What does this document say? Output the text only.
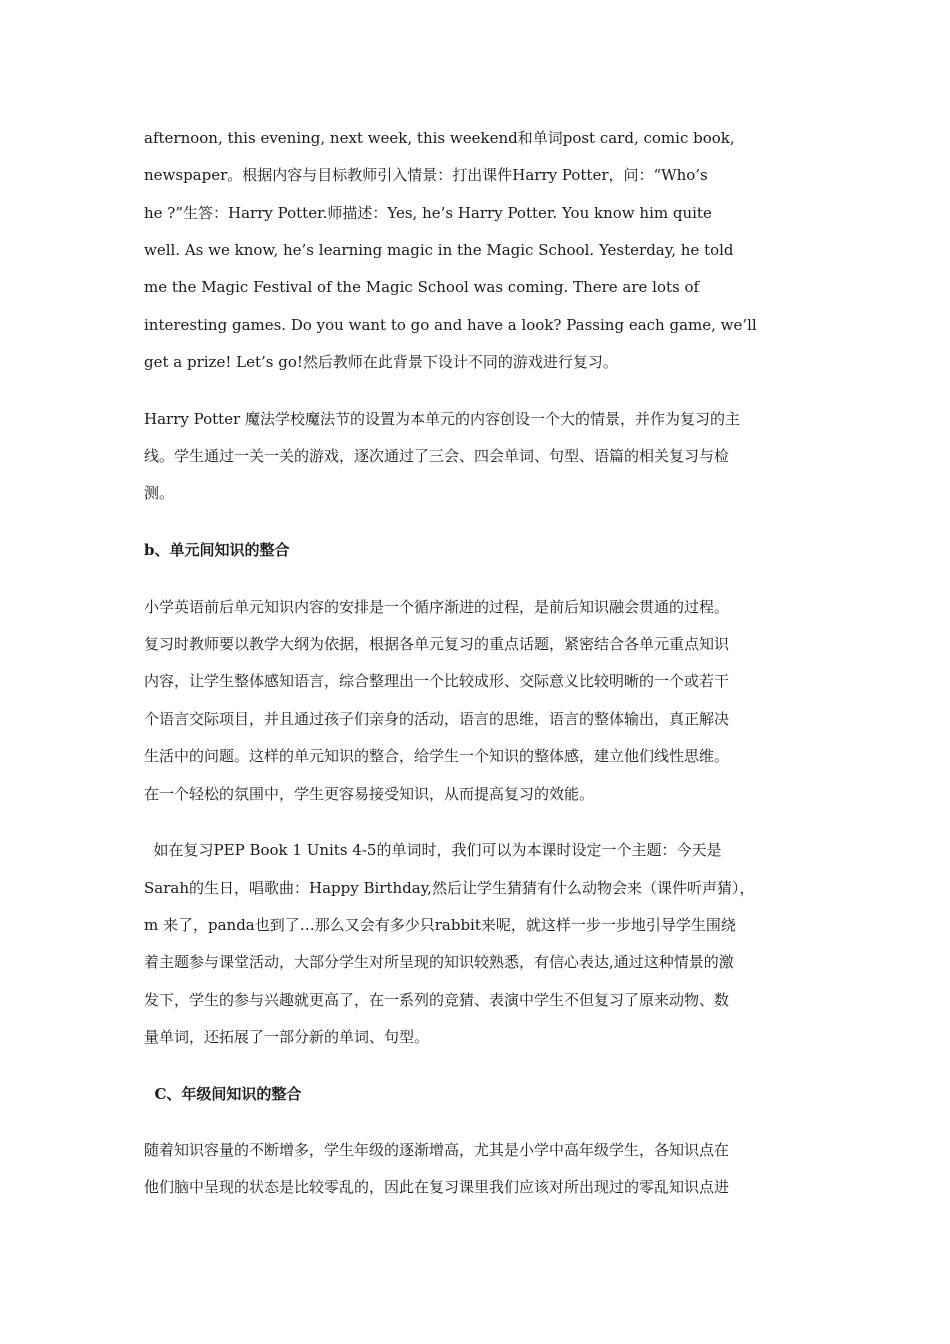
afternoon, this evening, next week, this weekend和单词post card, comic book,
newspaper。根据内容与目标教师引入情景：打出课件Harry Potter，问：“Who’s
he ?”生答：Harry Potter.师描述：Yes, he’s Harry Potter. You know him quite
well. As we know, he’s learning magic in the Magic School. Yesterday, he told
me the Magic Festival of the Magic School was coming. There are lots of
interesting games. Do you want to go and have a look? Passing each game, we’ll
get a prize! Let’s go!然后教师在此背景下设计不同的游戏进行复习。
Harry Potter 魔法学校魔法节的设置为本单元的内容创设一个大的情景，并作为复习的主
线。学生通过一关一关的游戏，逐次通过了三会、四会单词、句型、语篇的相关复习与检
测。
b、单元间知识的整合
小学英语前后单元知识内容的安排是一个循序渐进的过程，是前后知识融会贯通的过程。
复习时教师要以教学大纲为依据，根据各单元复习的重点话题，紧密结合各单元重点知识
内容，让学生整体感知语言，综合整理出一个比较成形、交际意义比较明晰的一个或若干
个语言交际项目，并且通过孩子们亲身的活动，语言的思维，语言的整体输出，真正解决
生活中的问题。这样的单元知识的整合，给学生一个知识的整体感，建立他们线性思维。
在一个轻松的氛围中，学生更容易接受知识，从而提高复习的效能。
如在复习PEP Book 1 Units 4-5的单词时，我们可以为本课时设定一个主题：今天是
Sarah的生日，唱歌曲：Happy Birthday,然后让学生猜猜有什么动物会来（课件听声猜），
m 来了，panda也到了…那么又会有多少只rabbit来呢，就这样一步一步地引导学生围绕
着主题参与课堂活动，大部分学生对所呈现的知识较熟悉，有信心表达,通过这种情景的激
发下，学生的参与兴趣就更高了，在一系列的竞猜、表演中学生不但复习了原来动物、数
量单词，还拓展了一部分新的单词、句型。
C、年级间知识的整合
随着知识容量的不断增多，学生年级的逐渐增高，尤其是小学中高年级学生，各知识点在
他们脑中呈现的状态是比较零乱的，因此在复习课里我们应该对所出现过的零乱知识点进
